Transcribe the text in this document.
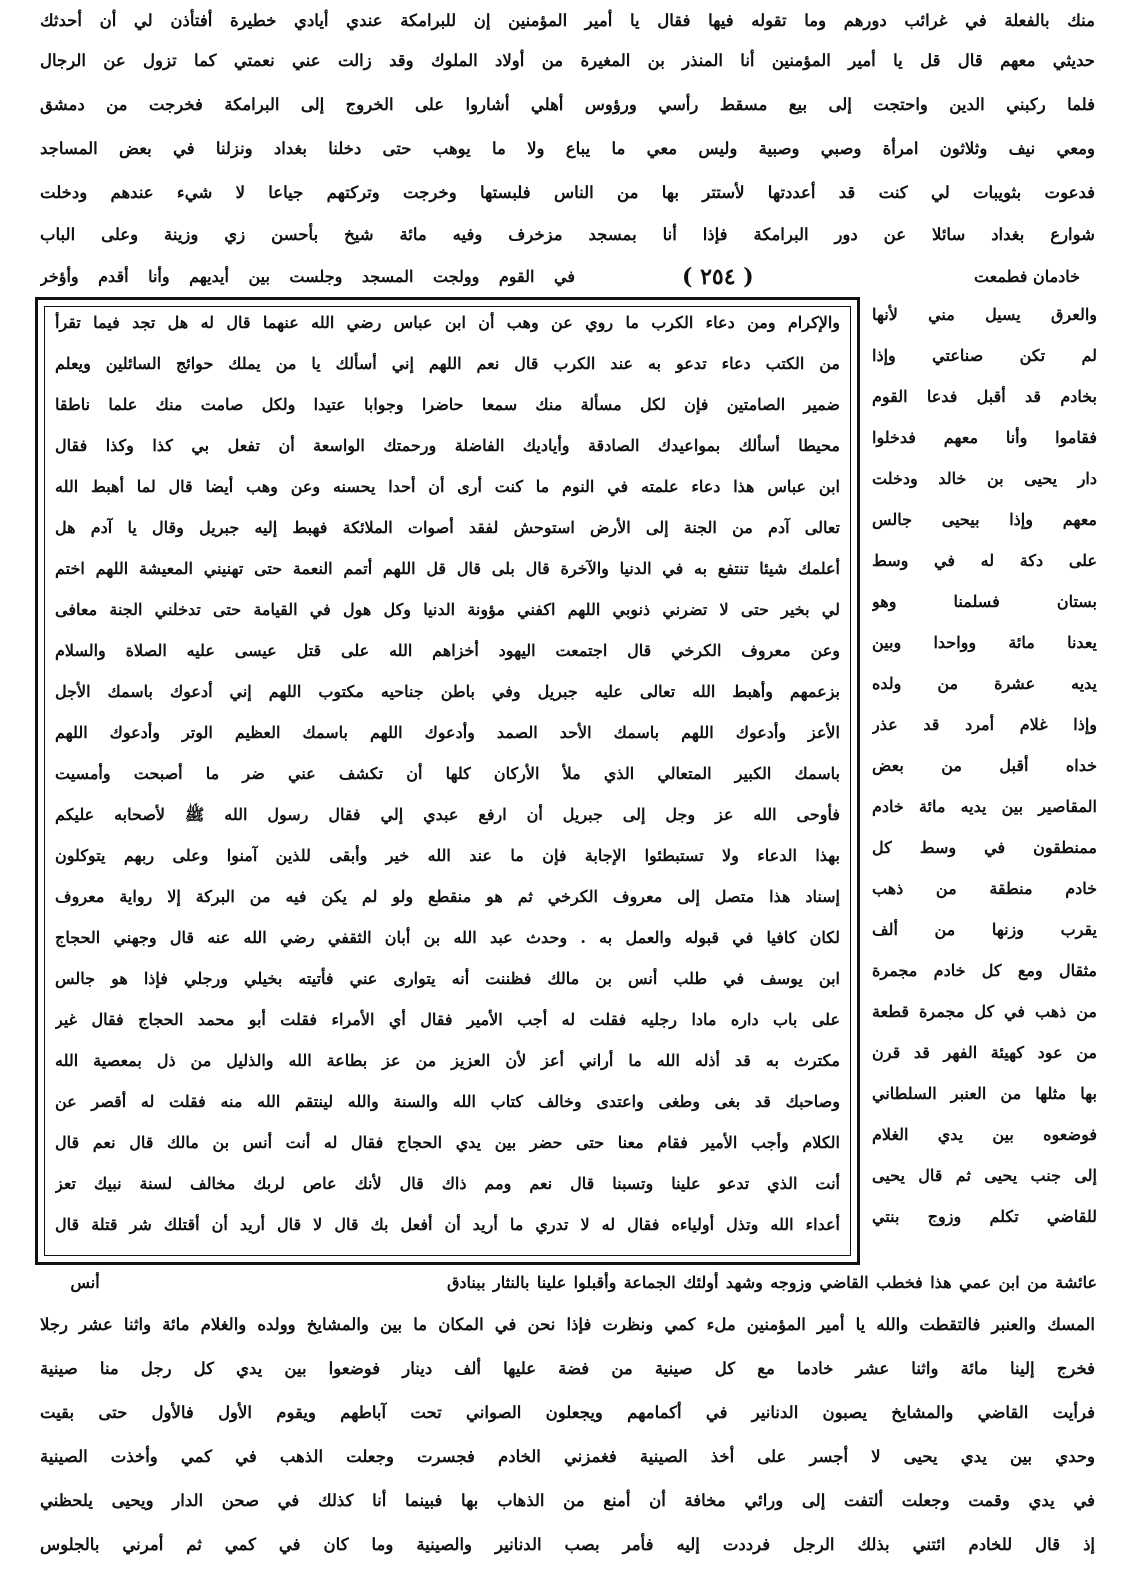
منك بالفعلة في غرائب دورهم وما تقوله فيها فقال يا أمير المؤمنين إن للبرامكة عندي أيادي خطيرة أفتأذن لي أن أحدثك
حديثي معهم قال قل يا أمير المؤمنين أنا المنذر بن المغيرة من أولاد الملوك وقد زالت عني نعمتي كما تزول عن الرجال
فلما ركبني الدين واحتجت إلى بيع مسقط رأسي ورؤوس أهلي أشاروا على الخروج إلى البرامكة فخرجت من دمشق
ومعي نيف وثلاثون امرأة وصبي وصبية وليس معي ما يباع ولا ما يوهب حتى دخلنا بغداد ونزلنا في بعض المساجد
فدعوت بثويبات لي كنت قد أعددتها لأستتر بها من الناس فلبستها وخرجت وتركتهم جياعا لا شيء عندهم ودخلت
شوارع بغداد سائلا عن دور البرامكة فإذا أنا بمسجد مزخرف وفيه مائة شيخ بأحسن زي وزينة وعلى الباب
خادمان فطمعت
( ٢٥٤ )
في القوم وولجت المسجد وجلست بين أيديهم وأنا أقدم وأؤخر
والعرق يسيل مني لأنها
لم تكن صناعتي وإذا
بخادم قد أقبل فدعا القوم
فقاموا وأنا معهم فدخلوا
دار يحيى بن خالد ودخلت
معهم وإذا بيحيى جالس
على دكة له في وسط
بستان فسلمنا وهو
يعدنا مائة وواحدا وبين
يديه عشرة من ولده
وإذا غلام أمرد قد عذر
خداه أقبل من بعض
المقاصير بين يديه مائة خادم
ممنطقون في وسط كل
خادم منطقة من ذهب
يقرب وزنها من ألف
مثقال ومع كل خادم مجمرة
من ذهب في كل مجمرة قطعة
من عود كهيئة الفهر قد قرن
بها مثلها من العنبر السلطاني
فوضعوه بين يدي الغلام
إلى جنب يحيى ثم قال يحيى
للقاضي تكلم وزوج بنتي
والإكرام ومن دعاء الكرب ما روي عن وهب أن ابن عباس رضي الله عنهما قال له هل تجد فيما تقرأ
من الكتب دعاء تدعو به عند الكرب قال نعم اللهم إني أسألك يا من يملك حوائج السائلين ويعلم
ضمير الصامتين فإن لكل مسألة منك سمعا حاضرا وجوابا عتيدا ولكل صامت منك علما ناطقا
محيطا أسألك بمواعيدك الصادقة وأياديك الفاضلة ورحمتك الواسعة أن تفعل بي كذا وكذا فقال
ابن عباس هذا دعاء علمته في النوم ما كنت أرى أن أحدا يحسنه وعن وهب أيضا قال لما أهبط الله
تعالى آدم من الجنة إلى الأرض استوحش لفقد أصوات الملائكة فهبط إليه جبريل وقال يا آدم هل
أعلمك شيئا تنتفع به في الدنيا والآخرة قال بلى قال قل اللهم أتمم النعمة حتى تهنيني المعيشة اللهم اختم
لي بخير حتى لا تضرني ذنوبي اللهم اكفني مؤونة الدنيا وكل هول في القيامة حتى تدخلني الجنة معافى
وعن معروف الكرخي قال اجتمعت اليهود أخزاهم الله على قتل عيسى عليه الصلاة والسلام
بزعمهم وأهبط الله تعالى عليه جبريل وفي باطن جناحيه مكتوب اللهم إني أدعوك باسمك الأجل
الأعز وأدعوك اللهم باسمك الأحد الصمد وأدعوك اللهم باسمك العظيم الوتر وأدعوك اللهم
باسمك الكبير المتعالي الذي ملأ الأركان كلها أن تكشف عني ضر ما أصبحت وأمسيت
فأوحى الله عز وجل إلى جبريل أن ارفع عبدي إلي فقال رسول الله ﷺ لأصحابه عليكم
بهذا الدعاء ولا تستبطئوا الإجابة فإن ما عند الله خير وأبقى للذين آمنوا وعلى ربهم يتوكلون
إسناد هذا متصل إلى معروف الكرخي ثم هو منقطع ولو لم يكن فيه من البركة إلا رواية معروف
لكان كافيا في قبوله والعمل به . وحدث عبد الله بن أبان الثقفي رضي الله عنه قال وجهني الحجاج
ابن يوسف في طلب أنس بن مالك فظننت أنه يتوارى عني فأتيته بخيلي ورجلي فإذا هو جالس
على باب داره مادا رجليه فقلت له أجب الأمير فقال أي الأمراء فقلت أبو محمد الحجاج فقال غير
مكترث به قد أذله الله ما أراني أعز لأن العزيز من عز بطاعة الله والذليل من ذل بمعصية الله
وصاحبك قد بغى وطغى واعتدى وخالف كتاب الله والسنة والله لينتقم الله منه فقلت له أقصر عن
الكلام وأجب الأمير فقام معنا حتى حضر بين يدي الحجاج فقال له أنت أنس بن مالك قال نعم قال
أنت الذي تدعو علينا وتسبنا قال نعم ومم ذاك قال لأنك عاص لربك مخالف لسنة نبيك تعز
أعداء الله وتذل أولياءه فقال له لا تدري ما أريد أن أفعل بك قال لا قال أريد أن أقتلك شر قتلة قال
عائشة من ابن عمي هذا فخطب القاضي وزوجه وشهد أولئك الجماعة وأقبلوا علينا بالنثار ببنادق
أنس
المسك والعنبر فالتقطت والله يا أمير المؤمنين ملء كمي ونظرت فإذا نحن في المكان ما بين والمشايخ وولده والغلام مائة واثنا عشر رجلا
فخرج إلينا مائة واثنا عشر خادما مع كل صينية من فضة عليها ألف دينار فوضعوا بين يدي كل رجل منا صينية
فرأيت القاضي والمشايخ يصبون الدنانير في أكمامهم ويجعلون الصواني تحت آباطهم ويقوم الأول فالأول حتى بقيت
وحدي بين يدي يحيى لا أجسر على أخذ الصينية فغمزني الخادم فجسرت وجعلت الذهب في كمي وأخذت الصينية
في يدي وقمت وجعلت ألتفت إلى ورائي مخافة أن أمنع من الذهاب بها فبينما أنا كذلك في صحن الدار ويحيى يلحظني
إذ قال للخادم ائتني بذلك الرجل فرددت إليه فأمر بصب الدنانير والصينية وما كان في كمي ثم أمرني بالجلوس
